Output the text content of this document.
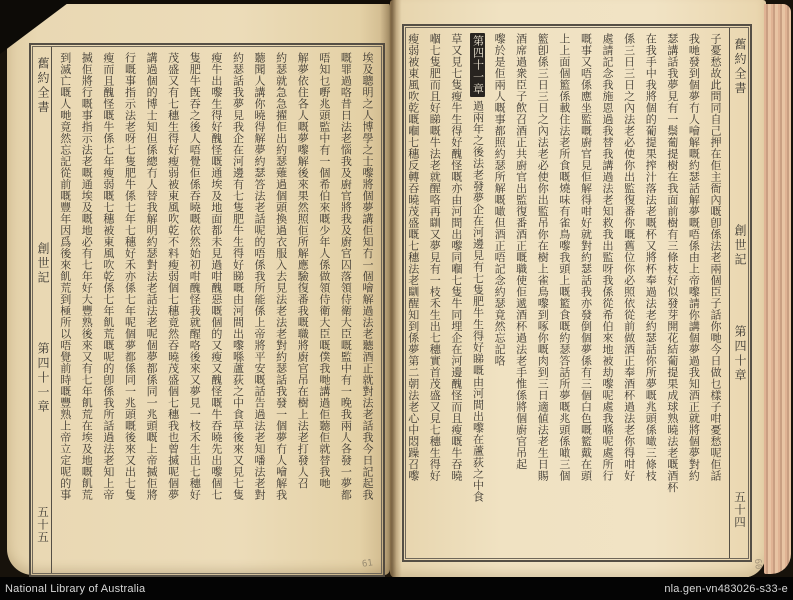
舊約全書
創世記
第四十一章
五十五
埃及聰明之人博學之士嚟將個夢講佢知冇一個噲解過法老聽酒正就對法老話我今日記起我
嘅罪過咯昔日法老惱我及廚官將我及廚官囚落領侍衛大臣嘅監中有一晚我兩人各發一夢都
唔知乜嘢兆頭監中有一個希伯來嘅少年人係做領侍衛大臣嘅僕我哋講過佢聽佢就替我哋
解夢依住各人嘅夢嚟解後來果然照佢所解應驗復番我嘅職將廚官吊在樹上法老打發人召
約瑟就急急擢佢出約瑟薙過個頭換過衣服入去見法老法老對約瑟話我發一個夢冇人噲解我
聽聞人講你曉得解夢約瑟答法老話呢的唔係我所能係上帝將平安嘅話告過法老知噃法老對
約瑟話我夢見我企在河邊有七隻肥牛生得好睇嘅由河間出嚟喺蘆荻之中食草後來又見七隻
瘦牛出嚟生得好醜怪嘅通埃及地面都未見過咁醜惡嘅個的又瘦又醜怪嘅牛吞曉先出嚟個七
隻肥牛旣吞之後人唔覺佢係吞曉嘅依然始初咁醜怪我就醒咯後來又夢見一枝禾生出七穗好
茂盛又有七穗生得好瘦弱被東風吹乾不料瘦弱個七穗竟然吞曉茂盛個七穗我也曾搣呢個夢
講過個的博士知但係總冇人替我解明約瑟對法老話法老呢個夢都係同一兆頭嘅上帝搣佢將
行嘅事指示法老呀七隻肥牛係七年七穗好禾亦係七年呢個夢都係同一兆頭嘅後來又出七隻
瘦而且醜怪嘅牛係七年瘦弱嘅七穗被東風吹乾係七年飢荒嘅呢的卽係我所話過法老知上帝
搣佢將行嘅事指示法老嘅通埃及嘅地必有七年好大豐熟後來又有七年飢荒在埃及地嘅飢荒
到滅亡嘅人哋竟然忘記從前嘅豐年因爲後來飢荒到極所以唔覺前時嘅豐熟上帝立定呢的事	子憂愁故此問同自己押在佢主衙內嘅卽係法老兩個臣子話你哋今日做乜樣子咁憂愁呢佢話
我哋發到個夢冇人噲解嘅約瑟話解夢嘅唔係由上帝嚟請你講個夢過我知酒正就將個夢對約
瑟講話我夢見有一鬃葡提樹在我面前樹有三條枝好似發芽開花結葡提果成球熟曉法老嘅酒杯
在我手中我將個的葡提果搾汁落法老嘅杯又將杯奉過法老約瑟話你所夢嘅兆頭係噉三條枝
係三日三日之內法老必使你出監復番你嘅舊位你必照依從前做酒正奉酒杯過法老你得咁好
處請記念我施恩過我替我講過法老知救我出監呀我係從希伯來地被劫嚟呢處我喺呢處所行
嘅事又唔係應坐監嘅廚官見佢解得咁好就對約瑟話我亦發倒個夢係有三個白色嘅籃戴在頭
上上面個籃係載住法老所食嘅燒味有雀鳥嚟我頭上嘅籃食嘅約瑟答話所夢嘅兆頭係噉三個
籃卽係三日三日之內法老必使你出監吊你在樹上雀鳥嚟到啄你嘅肉到三日適値法老生日賜
酒席過衆臣子飲召酒正共廚官出監復番酒正嘅職使佢遞酒杯過法老手惟係將個廚官吊起
嚟於是佢兩人嘅事都照約瑟所解嘅噉但酒正唔記念約瑟竟然忘記咯
第四十一章過兩年之後法老發夢企在河邊見有七隻肥牛生得好睇嘅由河間出嚟在蘆荻之中食
草又見七隻瘦牛生得好醜怪嘅亦由河間出嚟同嗰七隻牛同埋企在河邊醜怪而且瘦嘅牛吞曉
嗰七隻肥而且好睇嘅牛法老就醒咯再瞓又夢見有一枝禾生出七穗實首茂盛又見七穗生得好
瘦弱被東風吹乾嘅嗰七穗反轉吞曉茂盛嘅七穗法老瞓醒知到係夢第二朝法老心中悶躁召嚟	舊約全書
創世記
第四十章
五十四
61	60
National Library of Australia	nla.gen-vn483026-s33-e
